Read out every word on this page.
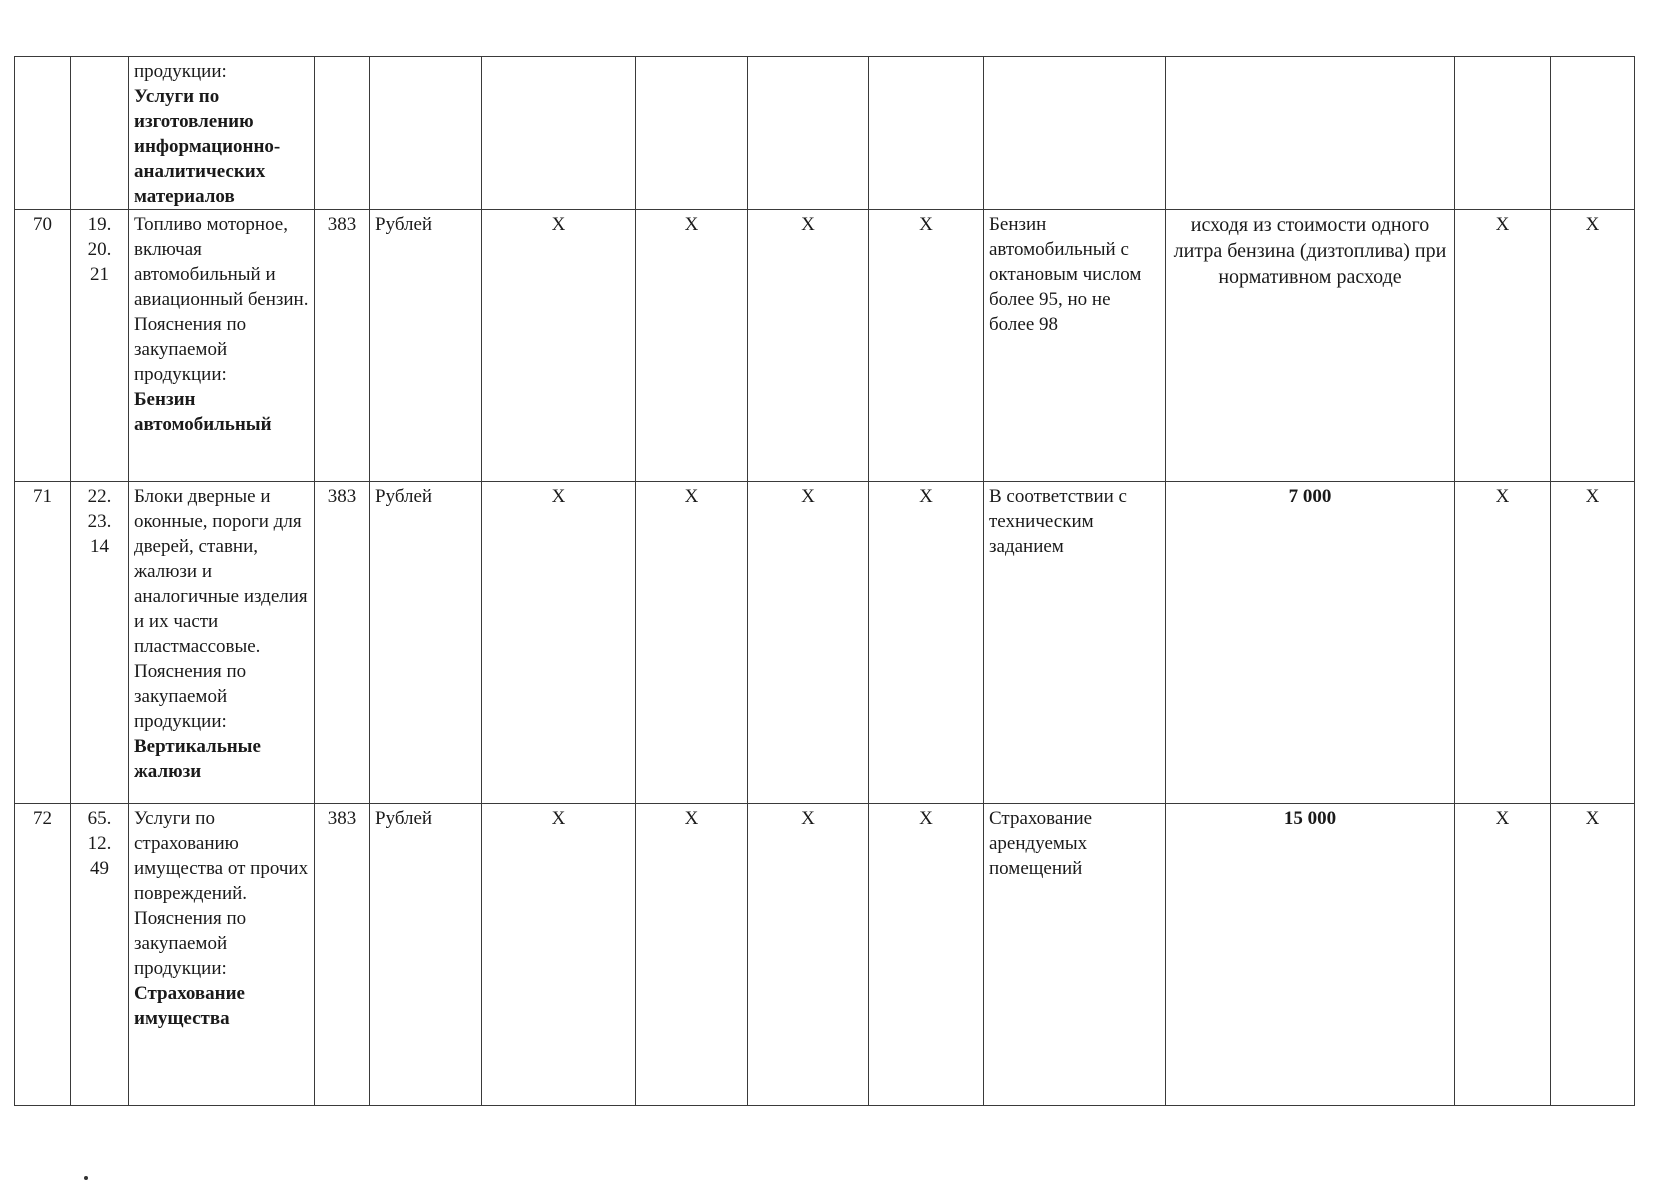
		продукции:
Услуги по изготовлению информационно-аналитических материалов										

70	19.
20.
21	Топливо моторное, включая автомобильный и авиационный бензин. Пояснения по закупаемой продукции:
Бензин автомобильный	383	Рублей	X	X	X	X	Бензин автомобильный с октановым числом более 95, но не более 98	исходя из стоимости одного литра бензина (дизтоплива) при нормативном расходе	X	X
71	22.
23.
14	Блоки дверные и оконные, пороги для дверей, ставни, жалюзи и аналогичные изделия и их части пластмассовые. Пояснения по закупаемой продукции:
Вертикальные жалюзи	383	Рублей	X	X	X	X	В соответствии с техническим заданием	7 000	X	X
72	65.
12.
49	Услуги по страхованию имущества от прочих повреждений. Пояснения по закупаемой продукции:
Страхование имущества	383	Рублей	X	X	X	X	Страхование арендуемых помещений	15 000	X	X
